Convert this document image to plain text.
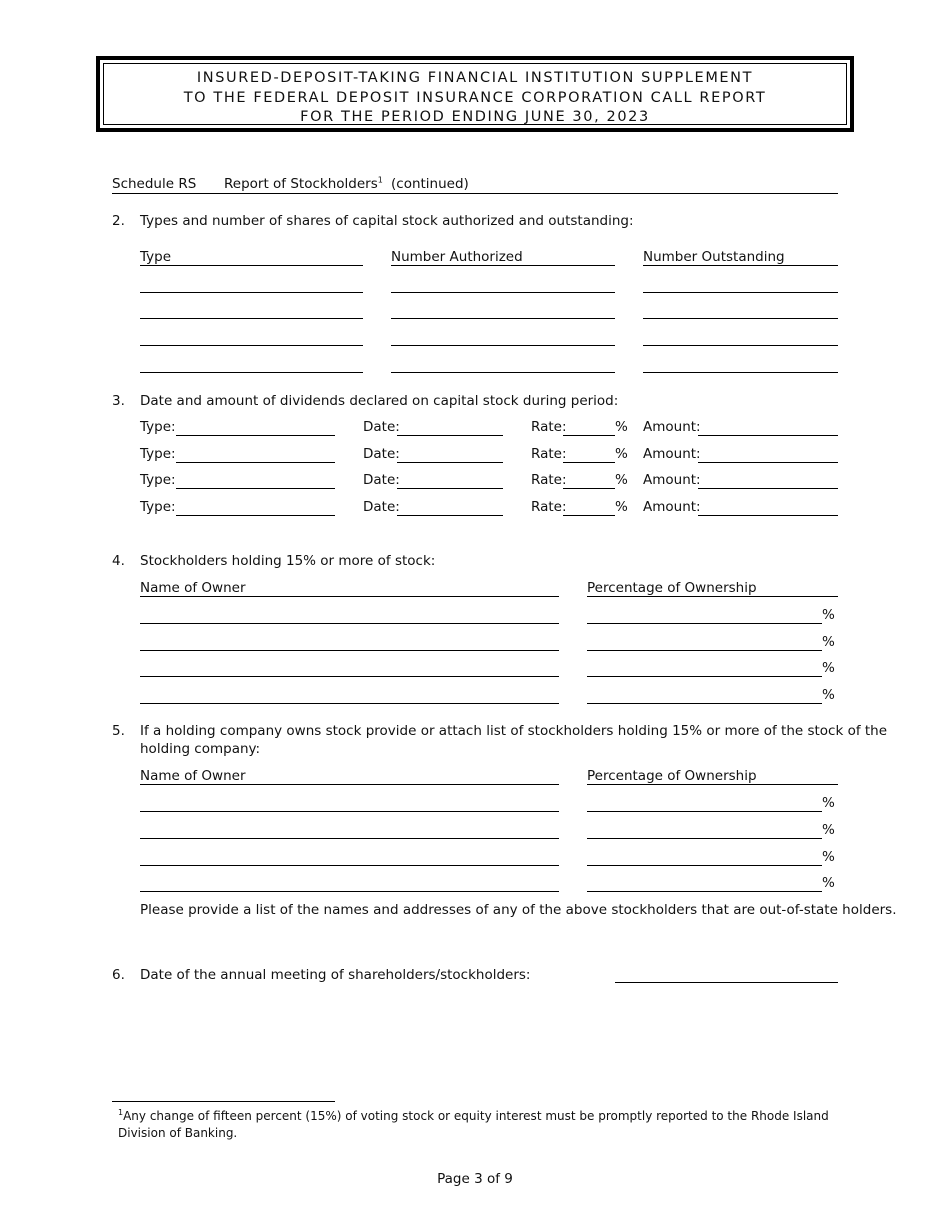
INSURED-DEPOSIT-TAKING FINANCIAL INSTITUTION SUPPLEMENT
TO THE FEDERAL DEPOSIT INSURANCE CORPORATION CALL REPORT
FOR THE PERIOD ENDING JUNE 30, 2023
Schedule RS Report of Stockholders$^1$ (continued)
2. Types and number of shares of capital stock authorized and outstanding:
Type	Number Authorized	Number Outstanding
3. Date and amount of dividends declared on capital stock during period:
Type:	Date:	Rate:	% Amount:
Type:	Date:	Rate:	% Amount:
Type:	Date:	Rate:	% Amount:
Type:	Date:	Rate:	% Amount:
4. Stockholders holding 15% or more of stock:
Name of Owner	Percentage of Ownership
%
%
%
%
5. If a holding company owns stock provide or attach list of stockholders holding 15% or more of the stock of the
holding company:
Name of Owner	Percentage of Ownership
%
%
%
%
Please provide a list of the names and addresses of any of the above stockholders that are out-of-state holders.
6. Date of the annual meeting of shareholders/stockholders:
$^1$Any change of fifteen percent (15%) of voting stock or equity interest must be promptly reported to the Rhode Island Division of Banking.
Page 3 of 9
